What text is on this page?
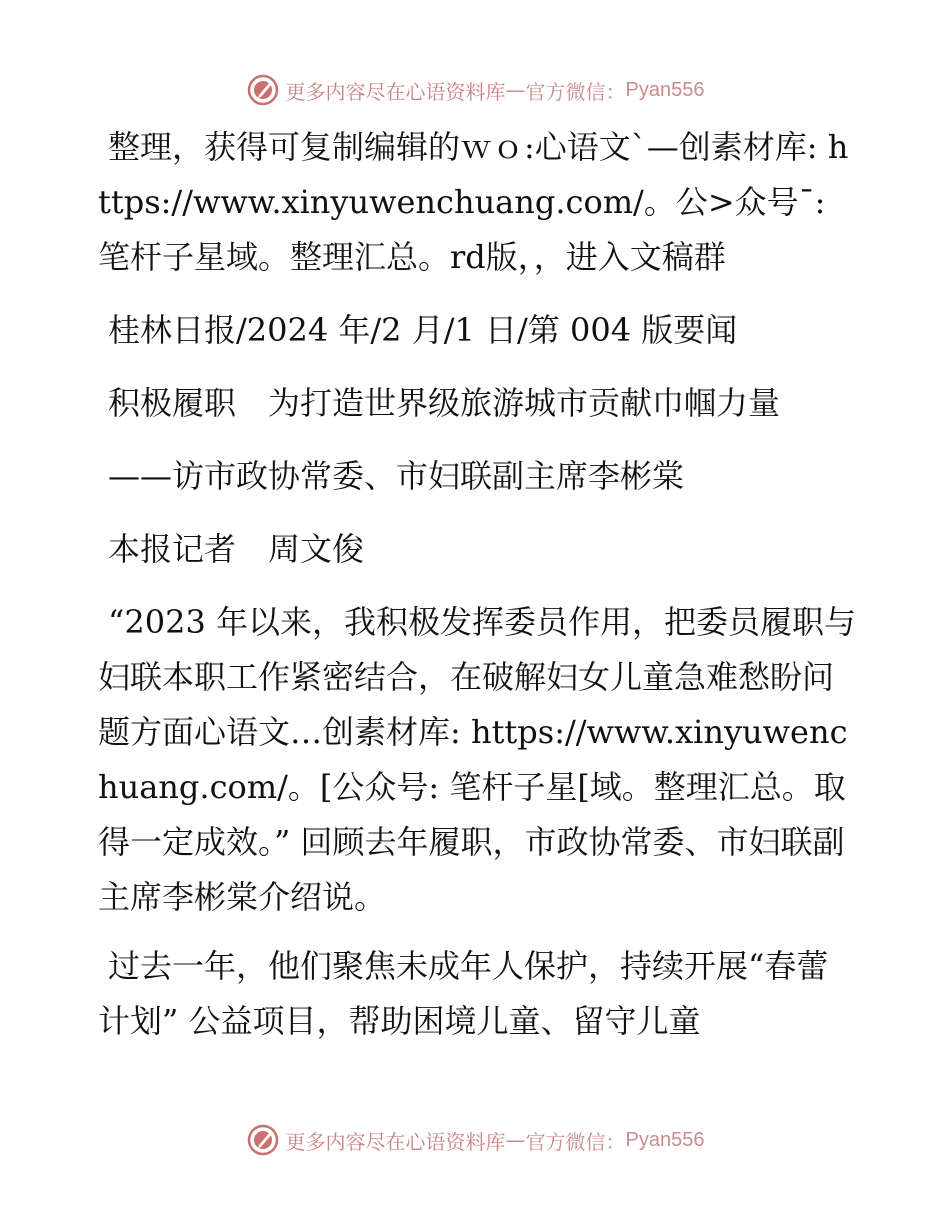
更多内容尽在心语资料库 — 官方微信： Pyan556

整理，获得可复制编辑的ｗｏ:心语文`—创素材库: https://www.xinyuwenchuang.com/。公>众号ˉ: 笔杆子星域。整理汇总。rd版，，进入文稿群

桂林日报/2024 年/2 月/1 日/第 004 版要闻

积极履职　为打造世界级旅游城市贡献巾帼力量

——访市政协常委、市妇联副主席李彬棠

本报记者　周文俊

“2023 年以来，我积极发挥委员作用，把委员履职与妇联本职工作紧密结合，在破解妇女儿童急难愁盼问题方面心语文…创素材库: https://www.xinyuwenchuang.com/。[公众号: 笔杆子星[域。整理汇总。取得一定成效。” 回顾去年履职，市政协常委、市妇联副主席李彬棠介绍说。

过去一年，他们聚焦未成年人保护，持续开展“春蕾计划” 公益项目，帮助困境儿童、留守儿童

更多内容尽在心语资料库 — 官方微信： Pyan556
